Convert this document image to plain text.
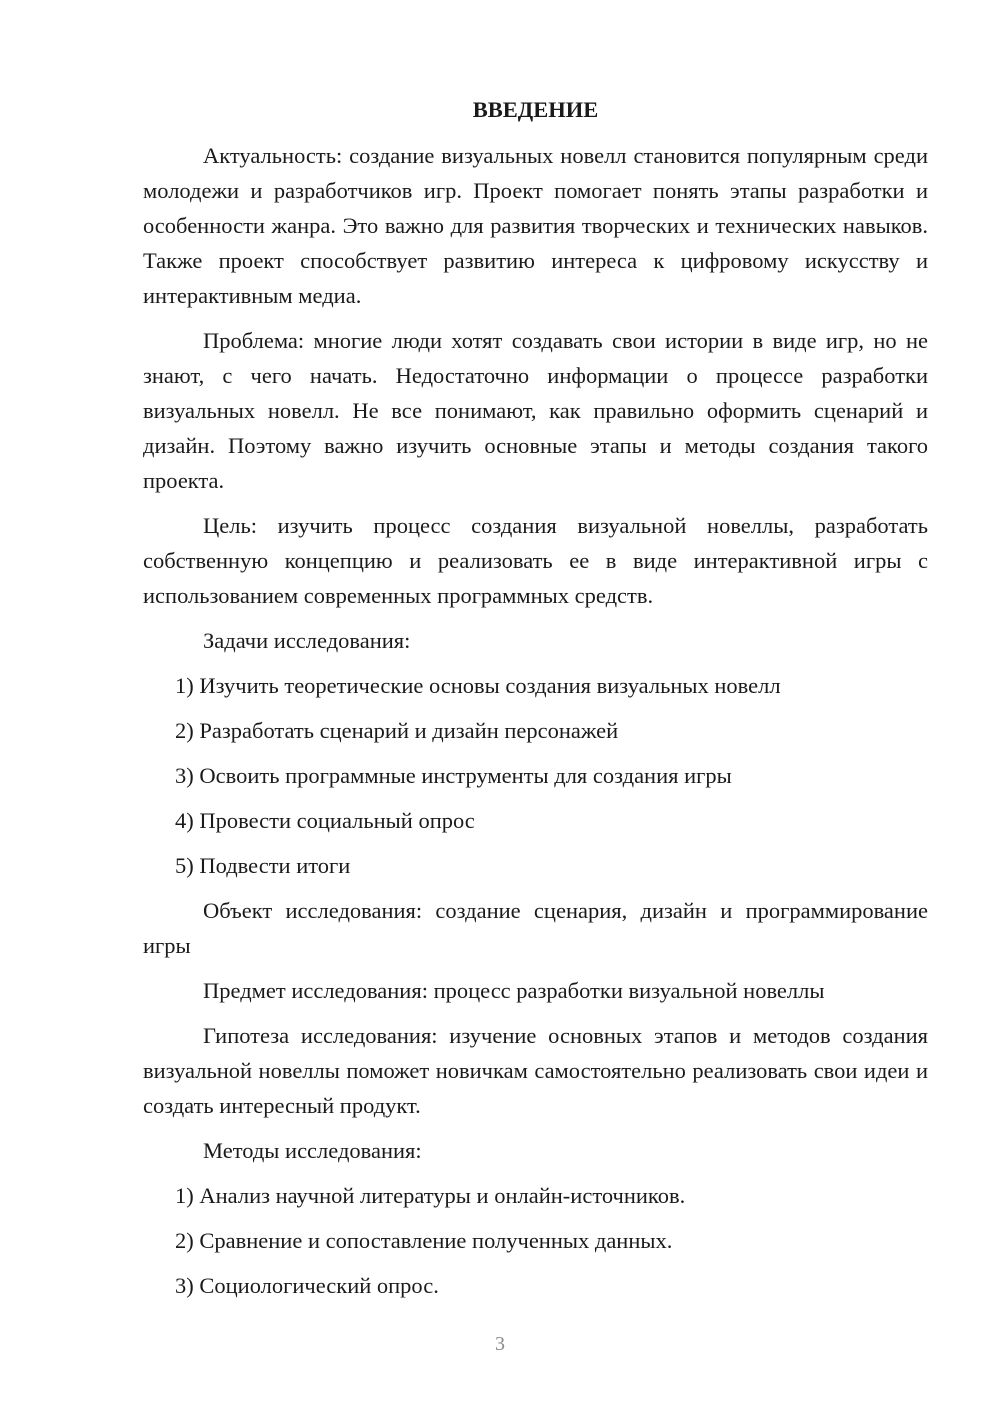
ВВЕДЕНИЕ

Актуальность: создание визуальных новелл становится популярным среди молодежи и разработчиков игр. Проект помогает понять этапы разработки и особенности жанра. Это важно для развития творческих и технических навыков. Также проект способствует развитию интереса к цифровому искусству и интерактивным медиа.

Проблема: многие люди хотят создавать свои истории в виде игр, но не знают, с чего начать. Недостаточно информации о процессе разработки визуальных новелл. Не все понимают, как правильно оформить сценарий и дизайн. Поэтому важно изучить основные этапы и методы создания такого проекта.

Цель: изучить процесс создания визуальной новеллы, разработать собственную концепцию и реализовать ее в виде интерактивной игры с использованием современных программных средств.

Задачи исследования:

1) Изучить теоретические основы создания визуальных новелл

2) Разработать сценарий и дизайн персонажей

3) Освоить программные инструменты для создания игры

4) Провести социальный опрос

5) Подвести итоги

Объект исследования: создание сценария, дизайн и программирование игры

Предмет исследования: процесс разработки визуальной новеллы

Гипотеза исследования: изучение основных этапов и методов создания визуальной новеллы поможет новичкам самостоятельно реализовать свои идеи и создать интересный продукт.

Методы исследования:

1) Анализ научной литературы и онлайн-источников.

2) Сравнение и сопоставление полученных данных.

3) Социологический опрос.

3
